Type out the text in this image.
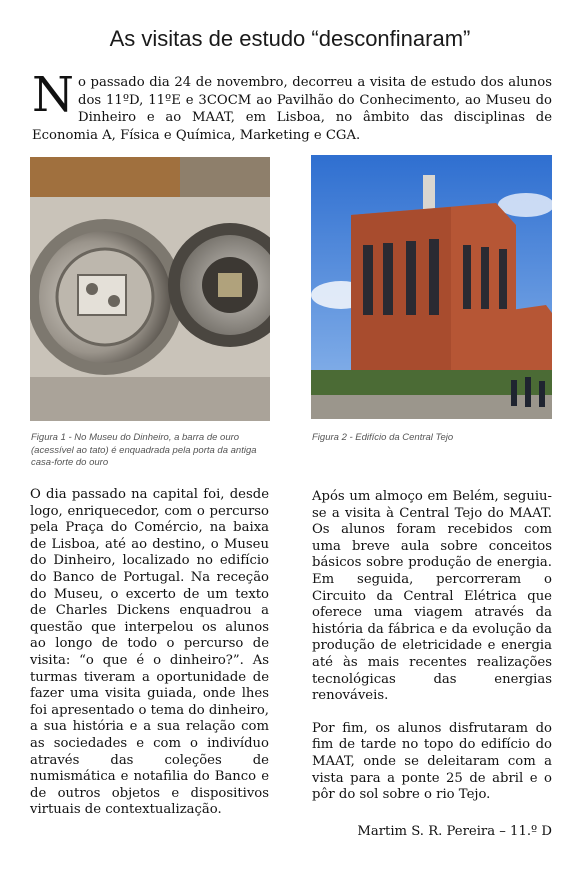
As visitas de estudo “desconfinaram”
No passado dia 24 de novembro, decorreu a visita de estudo dos alunos dos 11ºD, 11ºE e 3COCM ao Pavilhão do Conhecimento, ao Museu do Dinheiro e ao MAAT, em Lisboa, no âmbito das disciplinas de Economia A, Física e Química, Marketing e CGA.
Figura 1 - No Museu do Dinheiro, a barra de ouro (acessível ao tato) é enquadrada pela porta da antiga casa-forte do ouro
Figura 2 - Edifício da Central Tejo

O dia passado na capital foi, desde logo, enriquecedor, com o percurso pela Praça do Comércio, na baixa de Lisboa, até ao destino, o Museu do Dinheiro, localizado no edifício do Banco de Portugal. Na receção do Museu, o excerto de um texto de Charles Dickens enquadrou a questão que interpelou os alunos ao longo de todo o percurso de visita: “o que é o dinheiro?”. As turmas tiveram a oportunidade de fazer uma visita guiada, onde lhes foi apresentado o tema do dinheiro, a sua história e a sua relação com as sociedades e com o indivíduo através das coleções de numismática e notafilia do Banco e de outros objetos e dispositivos virtuais de contextualização.

Após um almoço em Belém, seguiu-se a visita à Central Tejo do MAAT. Os alunos foram recebidos com uma breve aula sobre conceitos básicos sobre produção de energia. Em seguida, percorreram o Circuito da Central Elétrica que oferece uma viagem através da história da fábrica e da evolução da produção de eletricidade e energia até às mais recentes realizações tecnológicas das energias renováveis.

Por fim, os alunos disfrutaram do fim de tarde no topo do edifício do MAAT, onde se deleitaram com a vista para a ponte 25 de abril e o pôr do sol sobre o rio Tejo.

Martim S. R. Pereira – 11.º D
